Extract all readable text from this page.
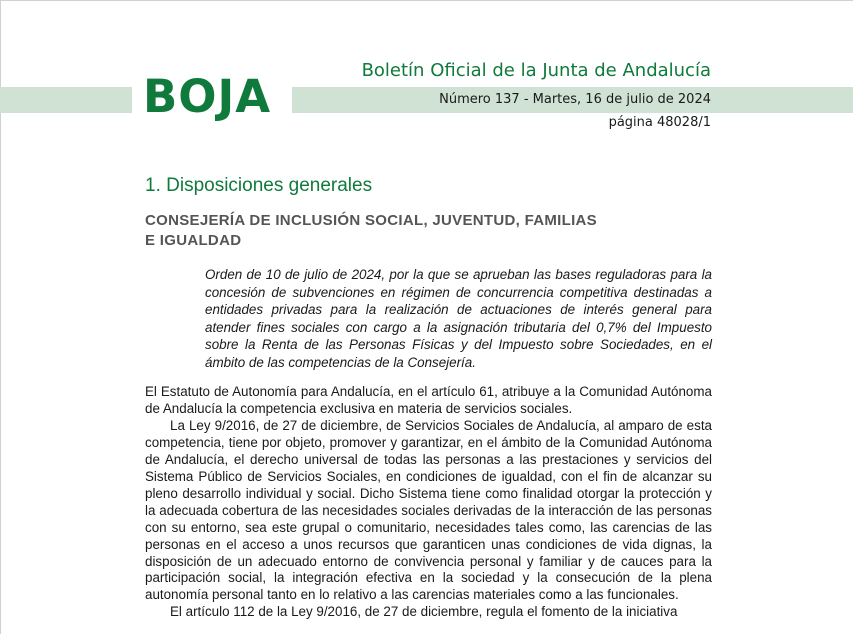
BOJA	Boletín Oficial de la Junta de Andalucía
Número 137 - Martes, 16 de julio de 2024
página 48028/1
1. Disposiciones generales
CONSEJERÍA DE INCLUSIÓN SOCIAL, JUVENTUD, FAMILIAS
E IGUALDAD
Orden de 10 de julio de 2024, por la que se aprueban las bases reguladoras para la concesión de subvenciones en régimen de concurrencia competitiva destinadas a entidades privadas para la realización de actuaciones de interés general para atender fines sociales con cargo a la asignación tributaria del 0,7% del Impuesto sobre la Renta de las Personas Físicas y del Impuesto sobre Sociedades, en el ámbito de las competencias de la Consejería.

El Estatuto de Autonomía para Andalucía, en el artículo 61, atribuye a la Comunidad Autónoma de Andalucía la competencia exclusiva en materia de servicios sociales.

La Ley 9/2016, de 27 de diciembre, de Servicios Sociales de Andalucía, al amparo de esta competencia, tiene por objeto, promover y garantizar, en el ámbito de la Comunidad Autónoma de Andalucía, el derecho universal de todas las personas a las prestaciones y servicios del Sistema Público de Servicios Sociales, en condiciones de igualdad, con el fin de alcanzar su pleno desarrollo individual y social. Dicho Sistema tiene como finalidad otorgar la protección y la adecuada cobertura de las necesidades sociales derivadas de la interacción de las personas con su entorno, sea este grupal o comunitario, necesidades tales como, las carencias de las personas en el acceso a unos recursos que garanticen unas condiciones de vida dignas, la disposición de un adecuado entorno de convivencia personal y familiar y de cauces para la participación social, la integración efectiva en la sociedad y la consecución de la plena autonomía personal tanto en lo relativo a las carencias materiales como a las funcionales.

El artículo 112 de la Ley 9/2016, de 27 de diciembre, regula el fomento de la iniciativa
